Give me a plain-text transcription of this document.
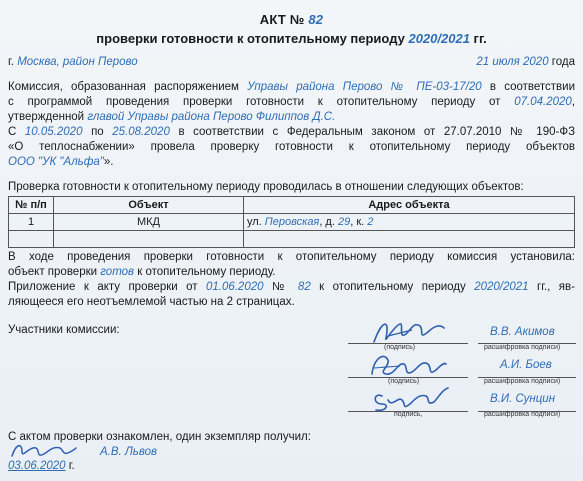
АКТ № 82
проверки готовности к отопительному периоду 2020/2021 гг.
г. Москва, район Перово	21 июля 2020 года
Комиссия, образованная распоряжением Управы района Перово № ПЕ-03-17/20 в соответствии
с программой проведения проверки готовности к отопительному периоду от 07.04.2020,
утвержденной главой Управы района Перово Филиппов Д.С.
С 10.05.2020 по 25.08.2020 в соответствии с Федеральным законом от 27.07.2010 № 190-ФЗ
«О теплоснабжении» провела проверку готовности к отопительному периоду объектов
ООО "УК "Альфа"».
Проверка готовности к отопительному периоду проводилась в отношении следующих объектов:
№ п/п	Объект	Адрес объекта
1	МКД	ул. Перовская, д. 29, к. 2

В ходе проведения проверки готовности к отопительному периоду комиссия установила:
объект проверки готов к отопительному периоду.
Приложение к акту проверки от 01.06.2020 № 82 к отопительному периоду 2020/2021 гг., яв-
ляющееся его неотъемлемой частью на 2 страницах.
Участники комиссии:
(подпись)
В.В. Акимов
расшифровка подписи)
(подпись)
А.И. Боев
расшифровка подписи)
подпись,
В.И. Сунцин
расшифровка подписи)
С актом проверки ознакомлен, один экземпляр получил:
А.В. Львов
03.06.2020 г.
